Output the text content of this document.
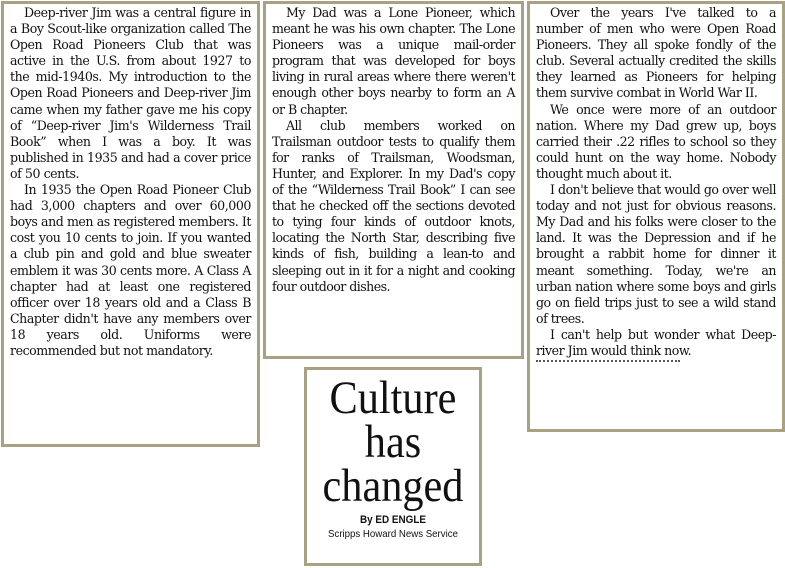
Deep-river Jim was a central figure in a Boy Scout-like organization called The Open Road Pioneers Club that was active in the U.S. from about 1927 to the mid-1940s. My introduction to the Open Road Pioneers and Deep-river Jim came when my father gave me his copy of “Deep-river Jim's Wilderness Trail Book” when I was a boy. It was published in 1935 and had a cover price of 50 cents.

In 1935 the Open Road Pioneer Club had 3,000 chapters and over 60,000 boys and men as registered members. It cost you 10 cents to join. If you wanted a club pin and gold and blue sweater emblem it was 30 cents more. A Class A chapter had at least one registered officer over 18 years old and a Class B Chapter didn't have any members over 18 years old. Uniforms were recommended but not mandatory.

My Dad was a Lone Pioneer, which meant he was his own chapter. The Lone Pioneers was a unique mail-order program that was developed for boys living in rural areas where there weren't enough other boys nearby to form an A or B chapter.

All club members worked on Trailsman outdoor tests to qualify them for ranks of Trailsman, Woodsman, Hunter, and Explorer. In my Dad's copy of the “Wilderness Trail Book” I can see that he checked off the sections devoted to tying four kinds of outdoor knots, locating the North Star, describing five kinds of fish, building a lean-to and sleeping out in it for a night and cooking four outdoor dishes.

Over the years I've talked to a number of men who were Open Road Pioneers. They all spoke fondly of the club. Several actually credited the skills they learned as Pioneers for helping them survive combat in World War II.

We once were more of an outdoor nation. Where my Dad grew up, boys carried their .22 rifles to school so they could hunt on the way home. Nobody thought much about it.

I don't believe that would go over well today and not just for obvious reasons. My Dad and his folks were closer to the land. It was the Depression and if he brought a rabbit home for dinner it meant something. Today, we're an urban nation where some boys and girls go on field trips just to see a wild stand of trees.

I can't help but wonder what Deep-river Jim would think now.

Culture
has
changed
By ED ENGLE
Scripps Howard News Service
